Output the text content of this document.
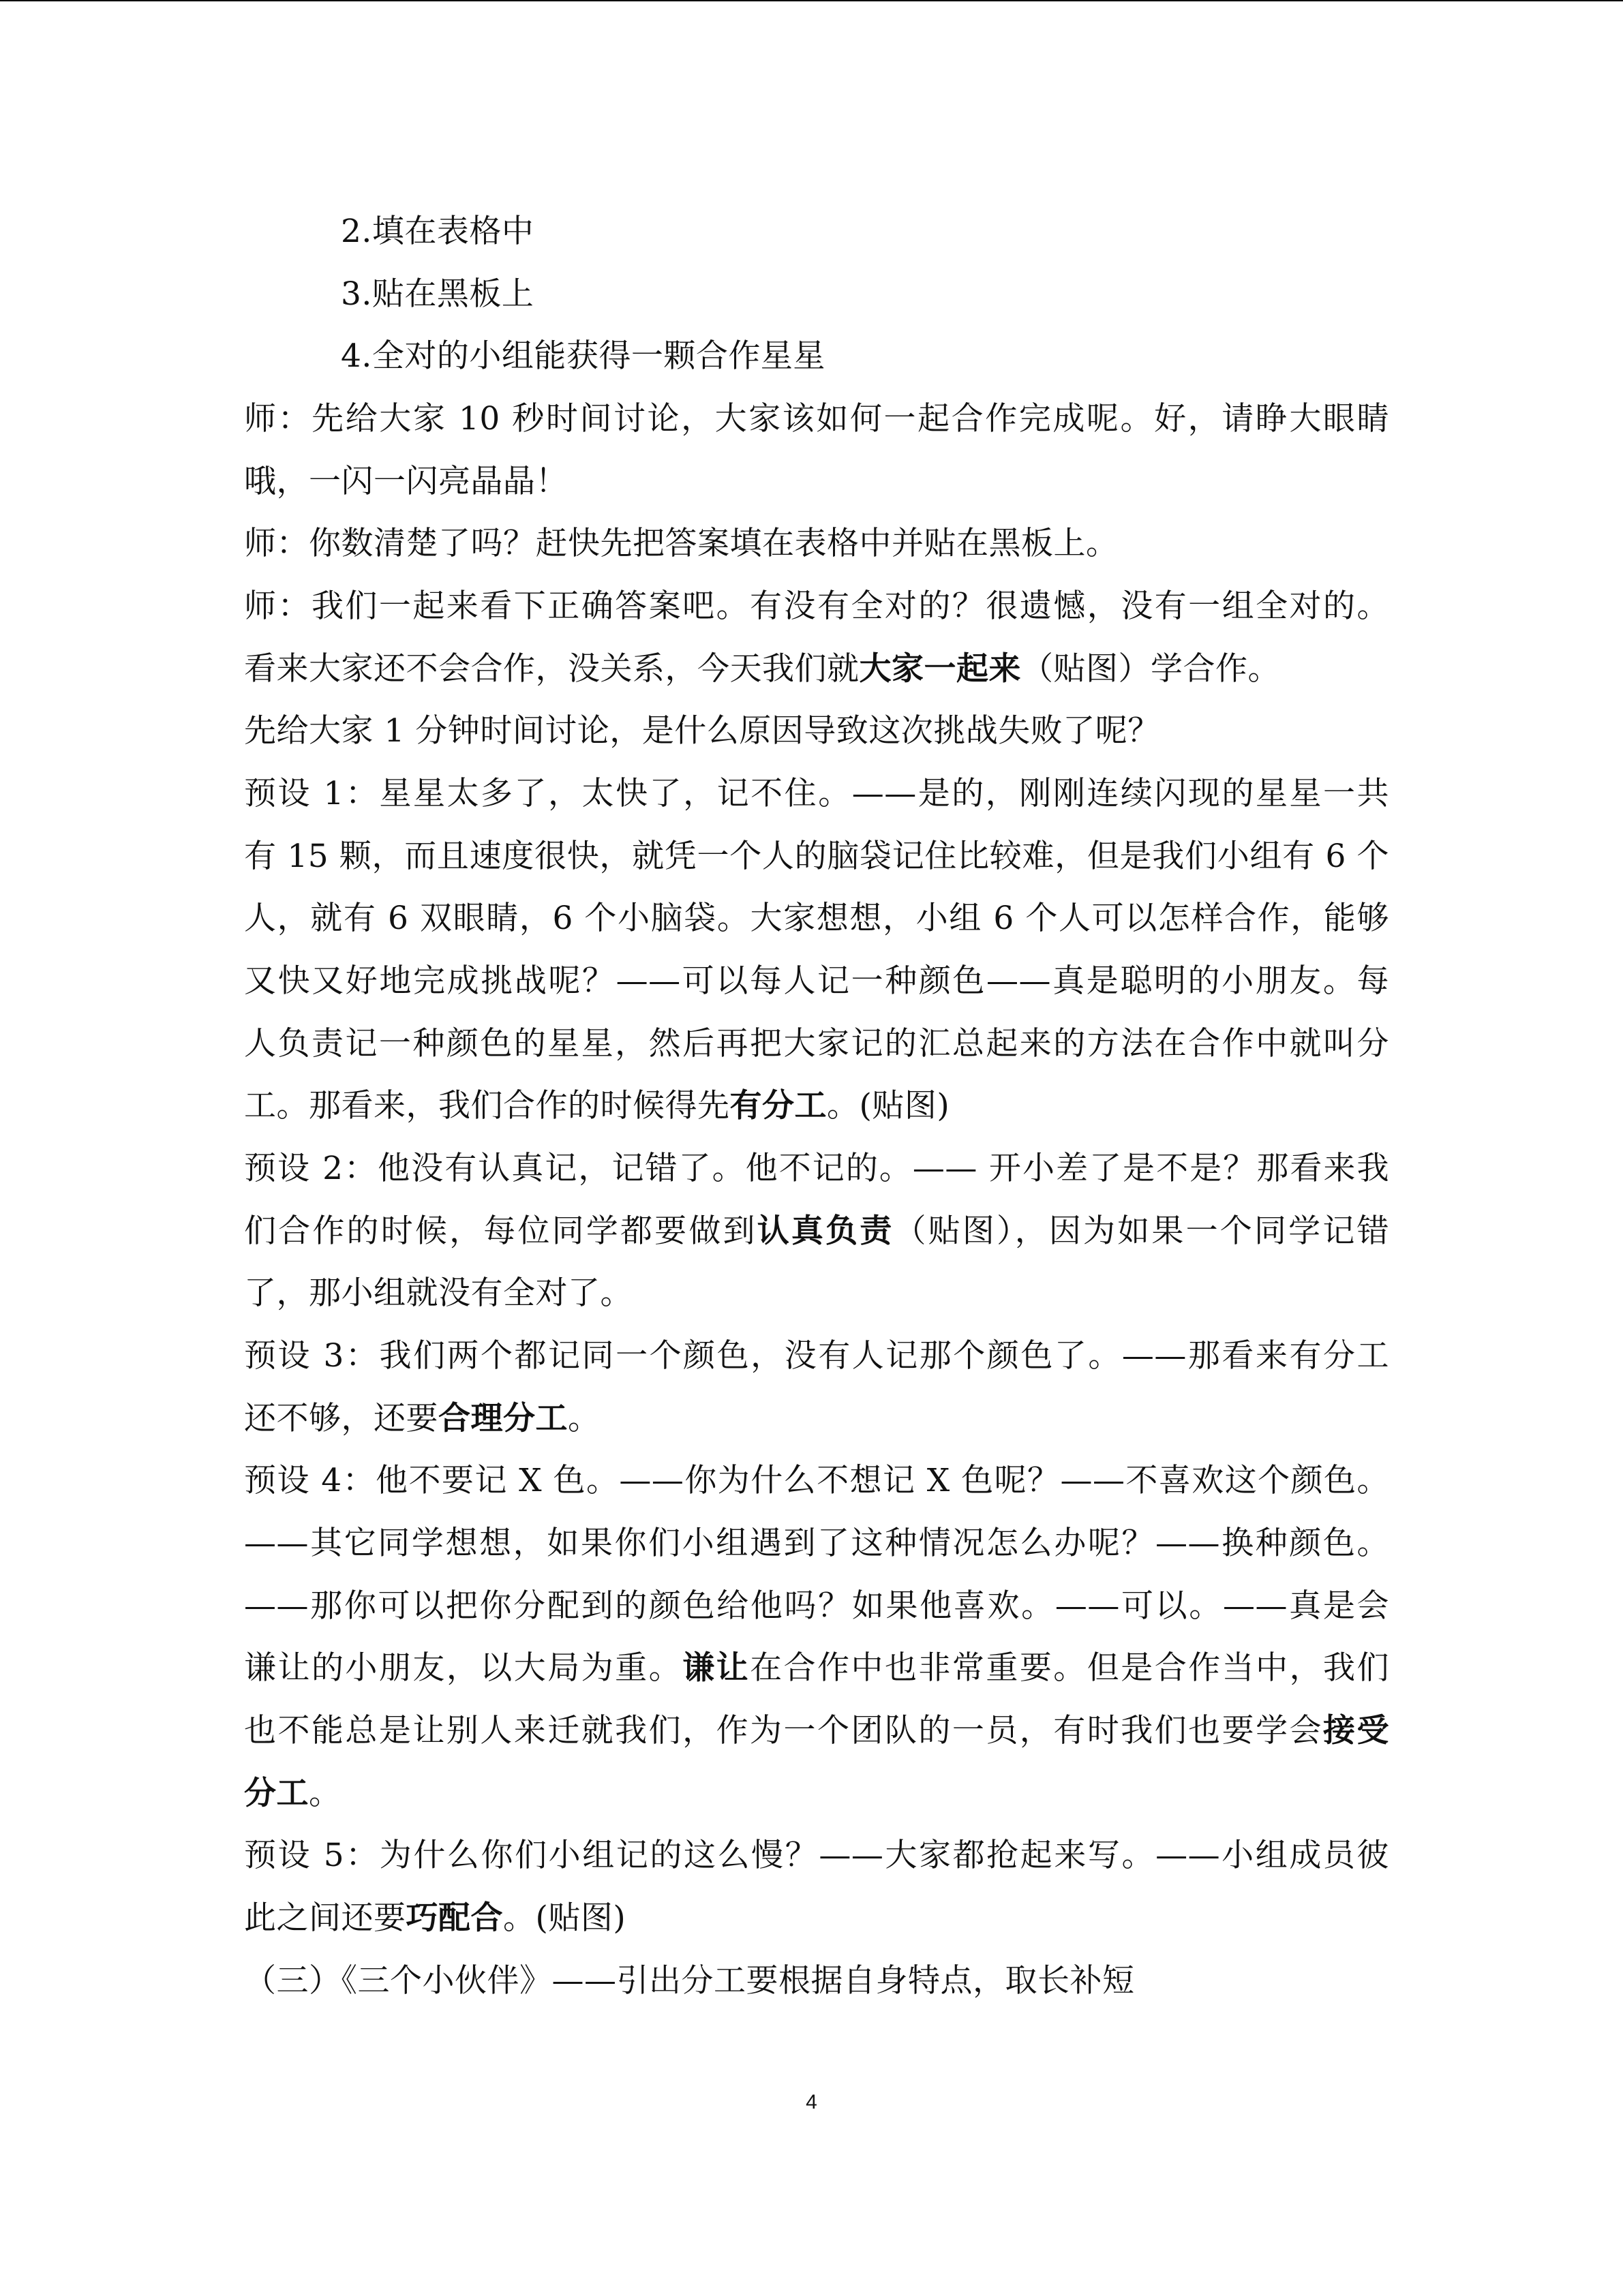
2.填在表格中
3.贴在黑板上
4.全对的小组能获得一颗合作星星
师：先给大家 10 秒时间讨论，大家该如何一起合作完成呢。好，请睁大眼睛
哦，一闪一闪亮晶晶！
师：你数清楚了吗？赶快先把答案填在表格中并贴在黑板上。
师：我们一起来看下正确答案吧。有没有全对的？很遗憾，没有一组全对的。
看来大家还不会合作，没关系，今天我们就大家一起来（贴图）学合作。
先给大家 1 分钟时间讨论，是什么原因导致这次挑战失败了呢？
预设 1：星星太多了，太快了，记不住。——是的，刚刚连续闪现的星星一共
有 15 颗，而且速度很快，就凭一个人的脑袋记住比较难，但是我们小组有 6 个
人，就有 6 双眼睛，6 个小脑袋。大家想想，小组 6 个人可以怎样合作，能够
又快又好地完成挑战呢？——可以每人记一种颜色——真是聪明的小朋友。每
人负责记一种颜色的星星，然后再把大家记的汇总起来的方法在合作中就叫分
工。那看来，我们合作的时候得先有分工。(贴图)
预设 2：他没有认真记，记错了。他不记的。—— 开小差了是不是？那看来我
们合作的时候，每位同学都要做到认真负责（贴图），因为如果一个同学记错
了，那小组就没有全对了。
预设 3：我们两个都记同一个颜色，没有人记那个颜色了。——那看来有分工
还不够，还要合理分工。
预设 4：他不要记 X 色。——你为什么不想记 X 色呢？——不喜欢这个颜色。
——其它同学想想，如果你们小组遇到了这种情况怎么办呢？——换种颜色。
——那你可以把你分配到的颜色给他吗？如果他喜欢。——可以。——真是会
谦让的小朋友，以大局为重。谦让在合作中也非常重要。但是合作当中，我们
也不能总是让别人来迁就我们，作为一个团队的一员，有时我们也要学会接受
分工。
预设 5：为什么你们小组记的这么慢？——大家都抢起来写。——小组成员彼
此之间还要巧配合。(贴图)
（三）《三个小伙伴》——引出分工要根据自身特点，取长补短
4
